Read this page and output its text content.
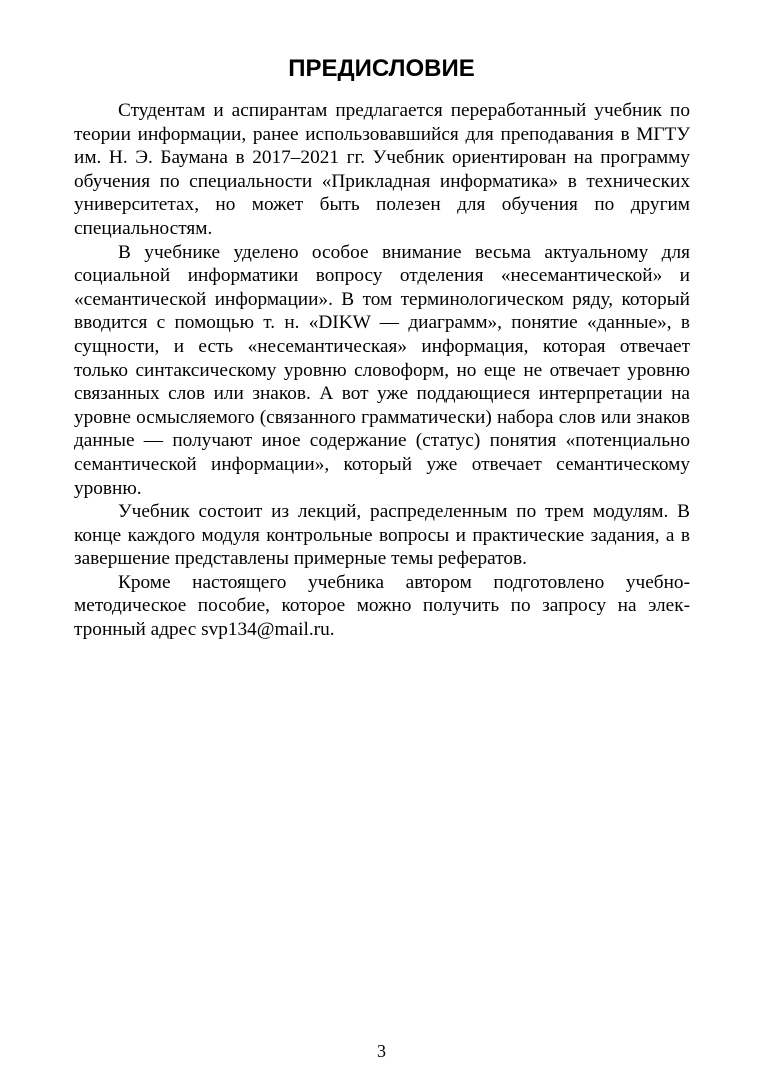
ПРЕДИСЛОВИЕ

Студентам и аспирантам предлагается переработанный учебник по теории информации, ранее использовавшийся для преподавания в МГТУ им. Н. Э. Баумана в 2017–2021 гг. Учебник ориентирован на программу обучения по специальности «Прикладная информатика» в технических университетах, но может быть полезен для обучения по другим специальностям.

В учебнике уделено особое внимание весьма актуальному для социальной информатики вопросу отделения «несемантической» и «семантической информации». В том терминологическом ряду, который вводится с помощью т. н. «DIKW — диаграмм», понятие «данные», в сущности, и есть «несемантическая» информация, которая отвечает только синтаксическому уровню словоформ, но еще не отвечает уровню связанных слов или знаков. А вот уже поддающиеся интерпретации на уровне осмысляемого (связанного грамматически) набора слов или знаков данные — получают иное содержание (статус) понятия «потенциально семантической информации», который уже отвечает семантическому уровню.

Учебник состоит из лекций, распределенным по трем модулям. В конце каждого модуля контрольные вопросы и практические задания, а в завершение представлены примерные темы рефератов.

Кроме настоящего учебника автором подготовлено учебно-методическое пособие, которое можно получить по запросу на электронный адрес svp134@mail.ru.

3
